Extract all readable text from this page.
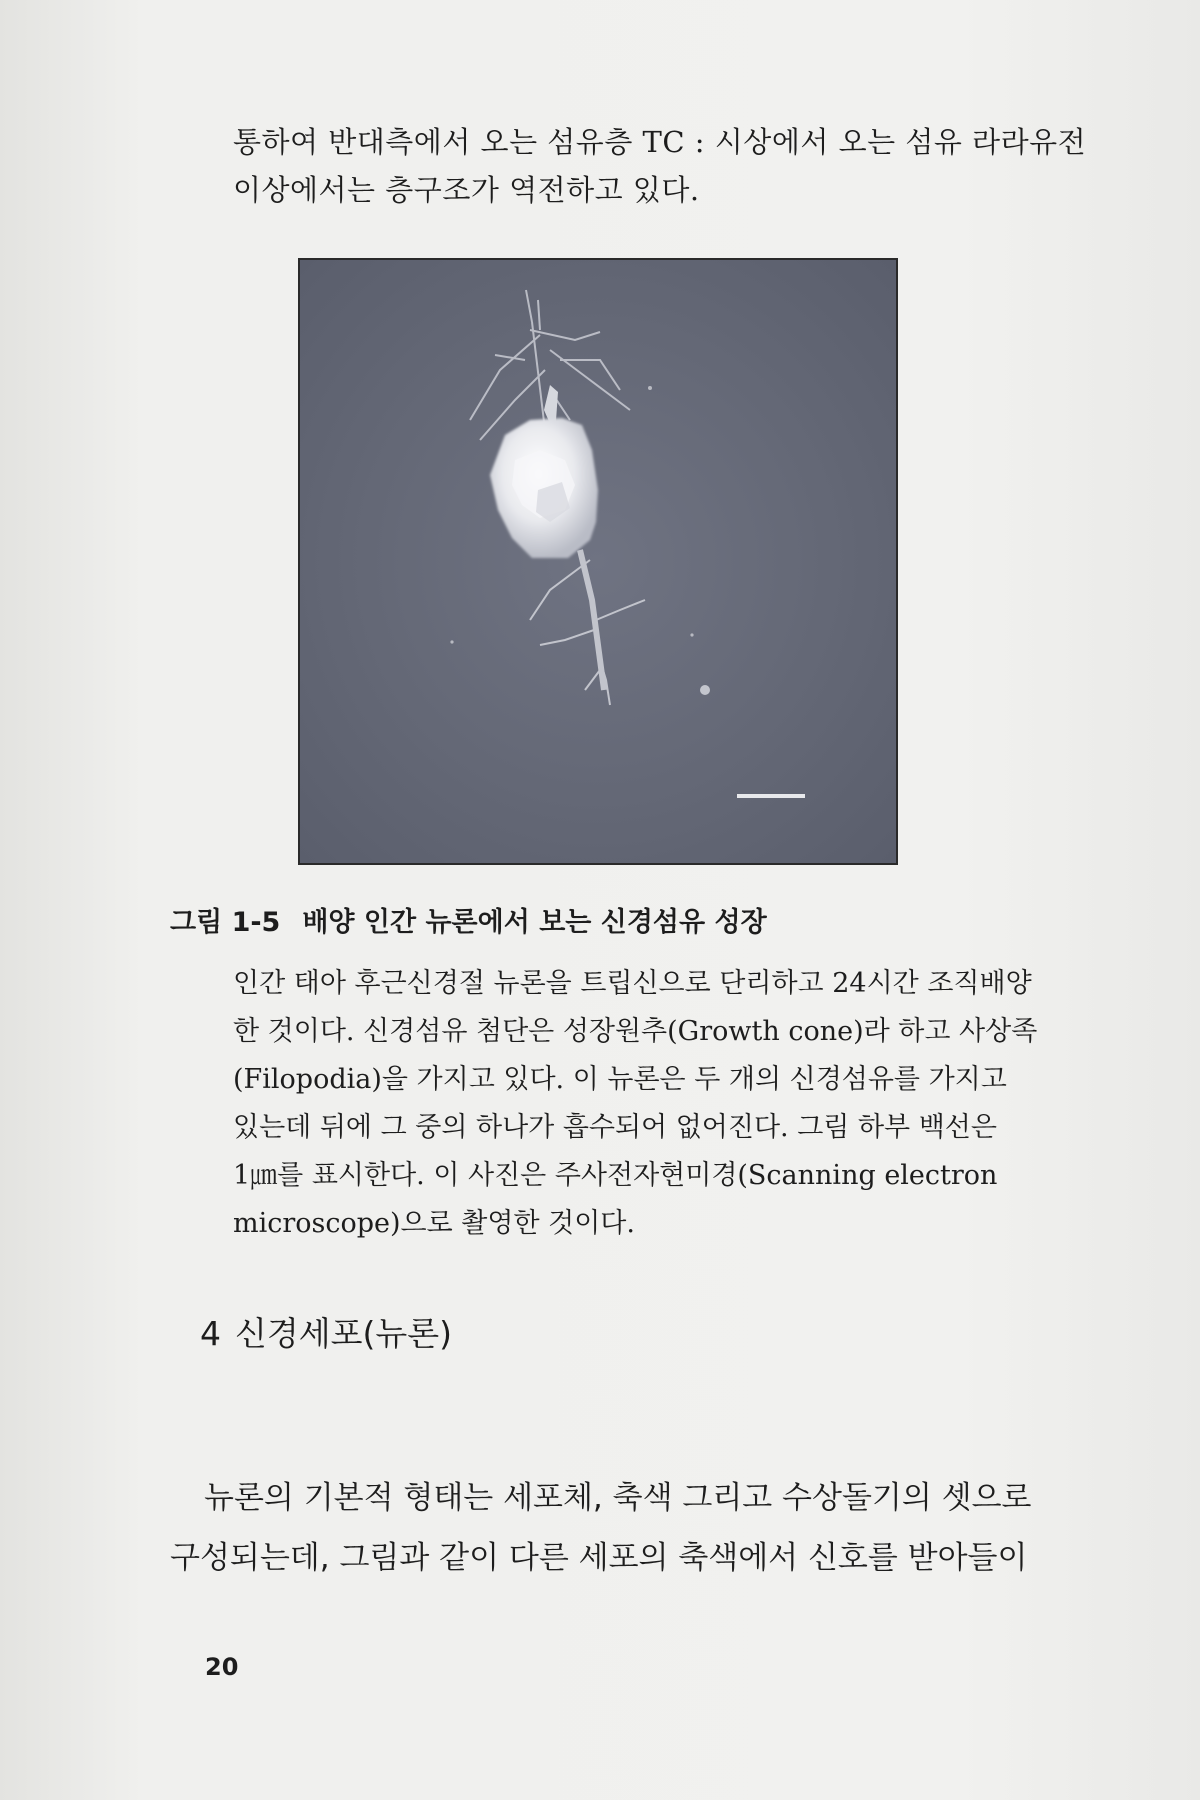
통하여 반대측에서 오는 섬유층 TC : 시상에서 오는 섬유 라라유전
이상에서는 층구조가 역전하고 있다.
그림 1-5 배양 인간 뉴론에서 보는 신경섬유 성장
인간 태아 후근신경절 뉴론을 트립신으로 단리하고 24시간 조직배양
한 것이다. 신경섬유 첨단은 성장원추(Growth cone)라 하고 사상족
(Filopodia)을 가지고 있다. 이 뉴론은 두 개의 신경섬유를 가지고
있는데 뒤에 그 중의 하나가 흡수되어 없어진다. 그림 하부 백선은
1㎛를 표시한다. 이 사진은 주사전자현미경(Scanning electron
microscope)으로 촬영한 것이다.
4 신경세포(뉴론)
뉴론의 기본적 형태는 세포체, 축색 그리고 수상돌기의 셋으로
구성되는데, 그림과 같이 다른 세포의 축색에서 신호를 받아들이
20
